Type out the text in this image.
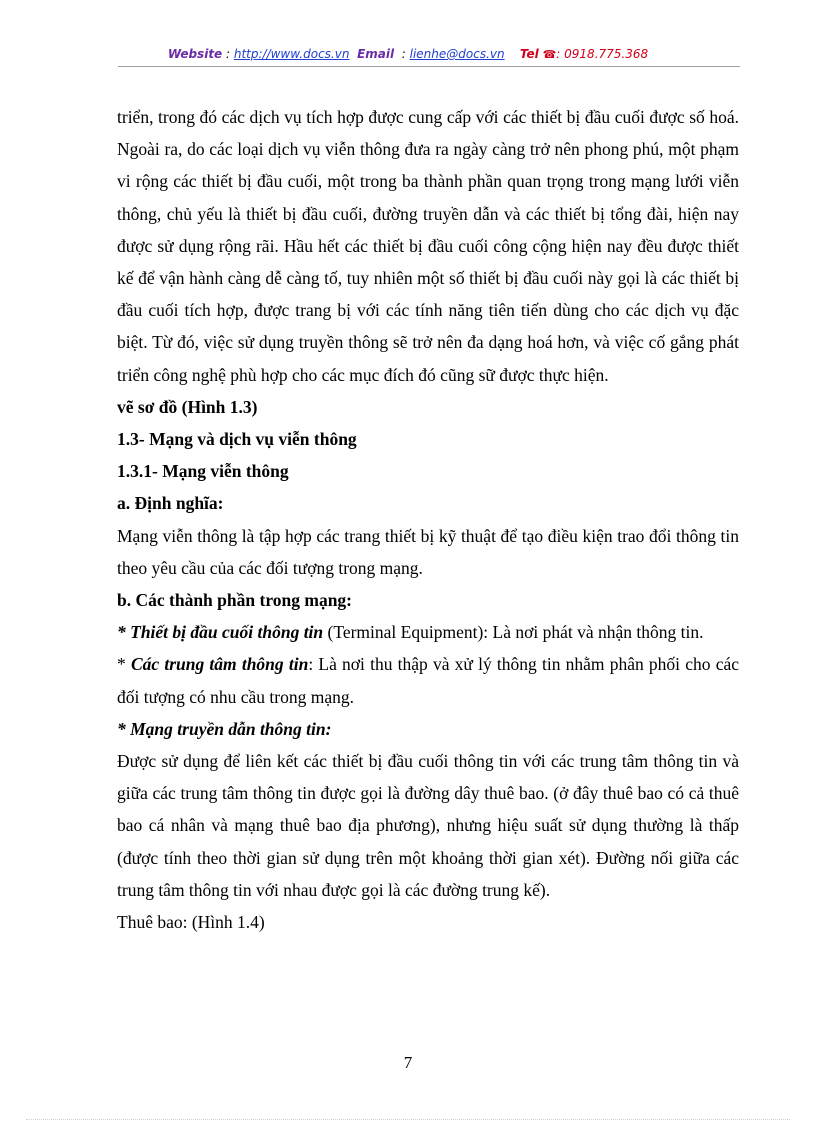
Website : http://www.docs.vn Email  : lienhe@docs.vn Tel ☎: 0918.775.368

triển, trong đó các dịch vụ tích hợp được cung cấp với các thiết bị đầu cuối được số hoá. Ngoài ra, do các loại dịch vụ viễn thông đưa ra ngày càng trở nên phong phú, một phạm vi rộng các thiết bị đầu cuối, một trong ba thành phần quan trọng trong mạng lưới viễn thông, chủ yếu là thiết bị đầu cuối, đường truyền dẫn và các thiết bị tổng đài, hiện nay được sử dụng rộng rãi. Hầu hết các thiết bị đầu cuối công cộng hiện nay đều được thiết kế để vận hành càng dễ càng tố, tuy nhiên một số thiết bị đầu cuối này gọi là các thiết bị đầu cuối tích hợp, được trang bị với các tính năng tiên tiến dùng cho các dịch vụ đặc biệt. Từ đó, việc sử dụng truyền thông sẽ trở nên đa dạng hoá hơn, và việc cố gắng phát triển công nghệ phù hợp cho các mục đích đó cũng sữ được thực hiện.

vẽ sơ đồ (Hình 1.3)

1.3- Mạng và dịch vụ viễn thông

1.3.1- Mạng viễn thông

a. Định nghĩa:

Mạng viễn thông là tập hợp các trang thiết bị kỹ thuật để tạo điều kiện trao đổi thông tin theo yêu cầu của các đối tượng trong mạng.

b. Các thành phần trong mạng:

* Thiết bị đầu cuối thông tin (Terminal Equipment): Là nơi phát và nhận thông tin.

* Các trung tâm thông tin: Là nơi thu thập và xử lý thông tin nhằm phân phối cho các đối tượng có nhu cầu trong mạng.

* Mạng truyền dẫn thông tin:

Được sử dụng để liên kết các thiết bị đầu cuối thông tin với các trung tâm thông tin và giữa các trung tâm thông tin được gọi là đường dây thuê bao. (ở đây thuê bao có cả thuê bao cá nhân và mạng thuê bao địa phương), nhưng hiệu suất sử dụng thường là thấp (được tính theo thời gian sử dụng trên một khoảng thời gian xét). Đường nối giữa các trung tâm thông tin với nhau được gọi là các đường trung kế).

Thuê bao: (Hình 1.4)

7
